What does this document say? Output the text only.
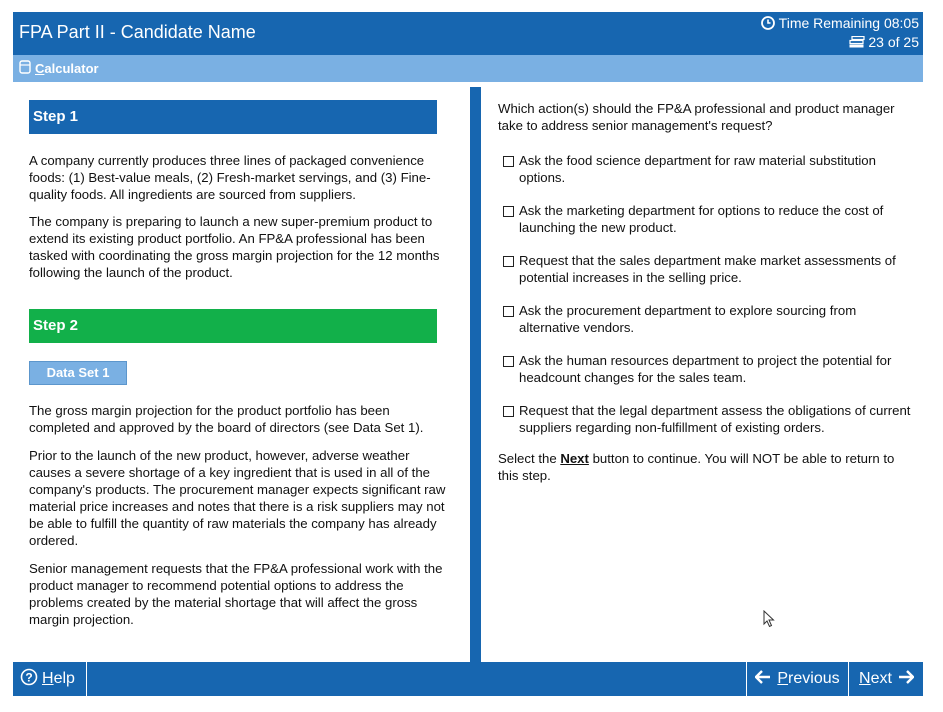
FPA Part II - Candidate Name	Time Remaining 08:05
23 of 25
Calculator
Step 1

A company currently produces three lines of packaged convenience foods: (1) Best-value meals, (2) Fresh-market servings, and (3) Fine-quality foods. All ingredients are sourced from suppliers.

The company is preparing to launch a new super-premium product to extend its existing product portfolio. An FP&A professional has been tasked with coordinating the gross margin projection for the 12 months following the launch of the product.

Step 2
Data Set 1

The gross margin projection for the product portfolio has been completed and approved by the board of directors (see Data Set 1).

Prior to the launch of the new product, however, adverse weather causes a severe shortage of a key ingredient that is used in all of the company's products. The procurement manager expects significant raw material price increases and notes that there is a risk suppliers may not be able to fulfill the quantity of raw materials the company has already ordered.

Senior management requests that the FP&A professional work with the product manager to recommend potential options to address the problems created by the material shortage that will affect the gross margin projection.

Which action(s) should the FP&A professional and product manager take to address senior management's request?

Ask the food science department for raw material substitution options.
Ask the marketing department for options to reduce the cost of launching the new product.
Request that the sales department make market assessments of potential increases in the selling price.
Ask the procurement department to explore sourcing from alternative vendors.
Ask the human resources department to project the potential for headcount changes for the sales team.
Request that the legal department assess the obligations of current suppliers regarding non-fulfillment of existing orders.

Select the Next button to continue. You will NOT be able to return to this step.

? Help	Previous Next
